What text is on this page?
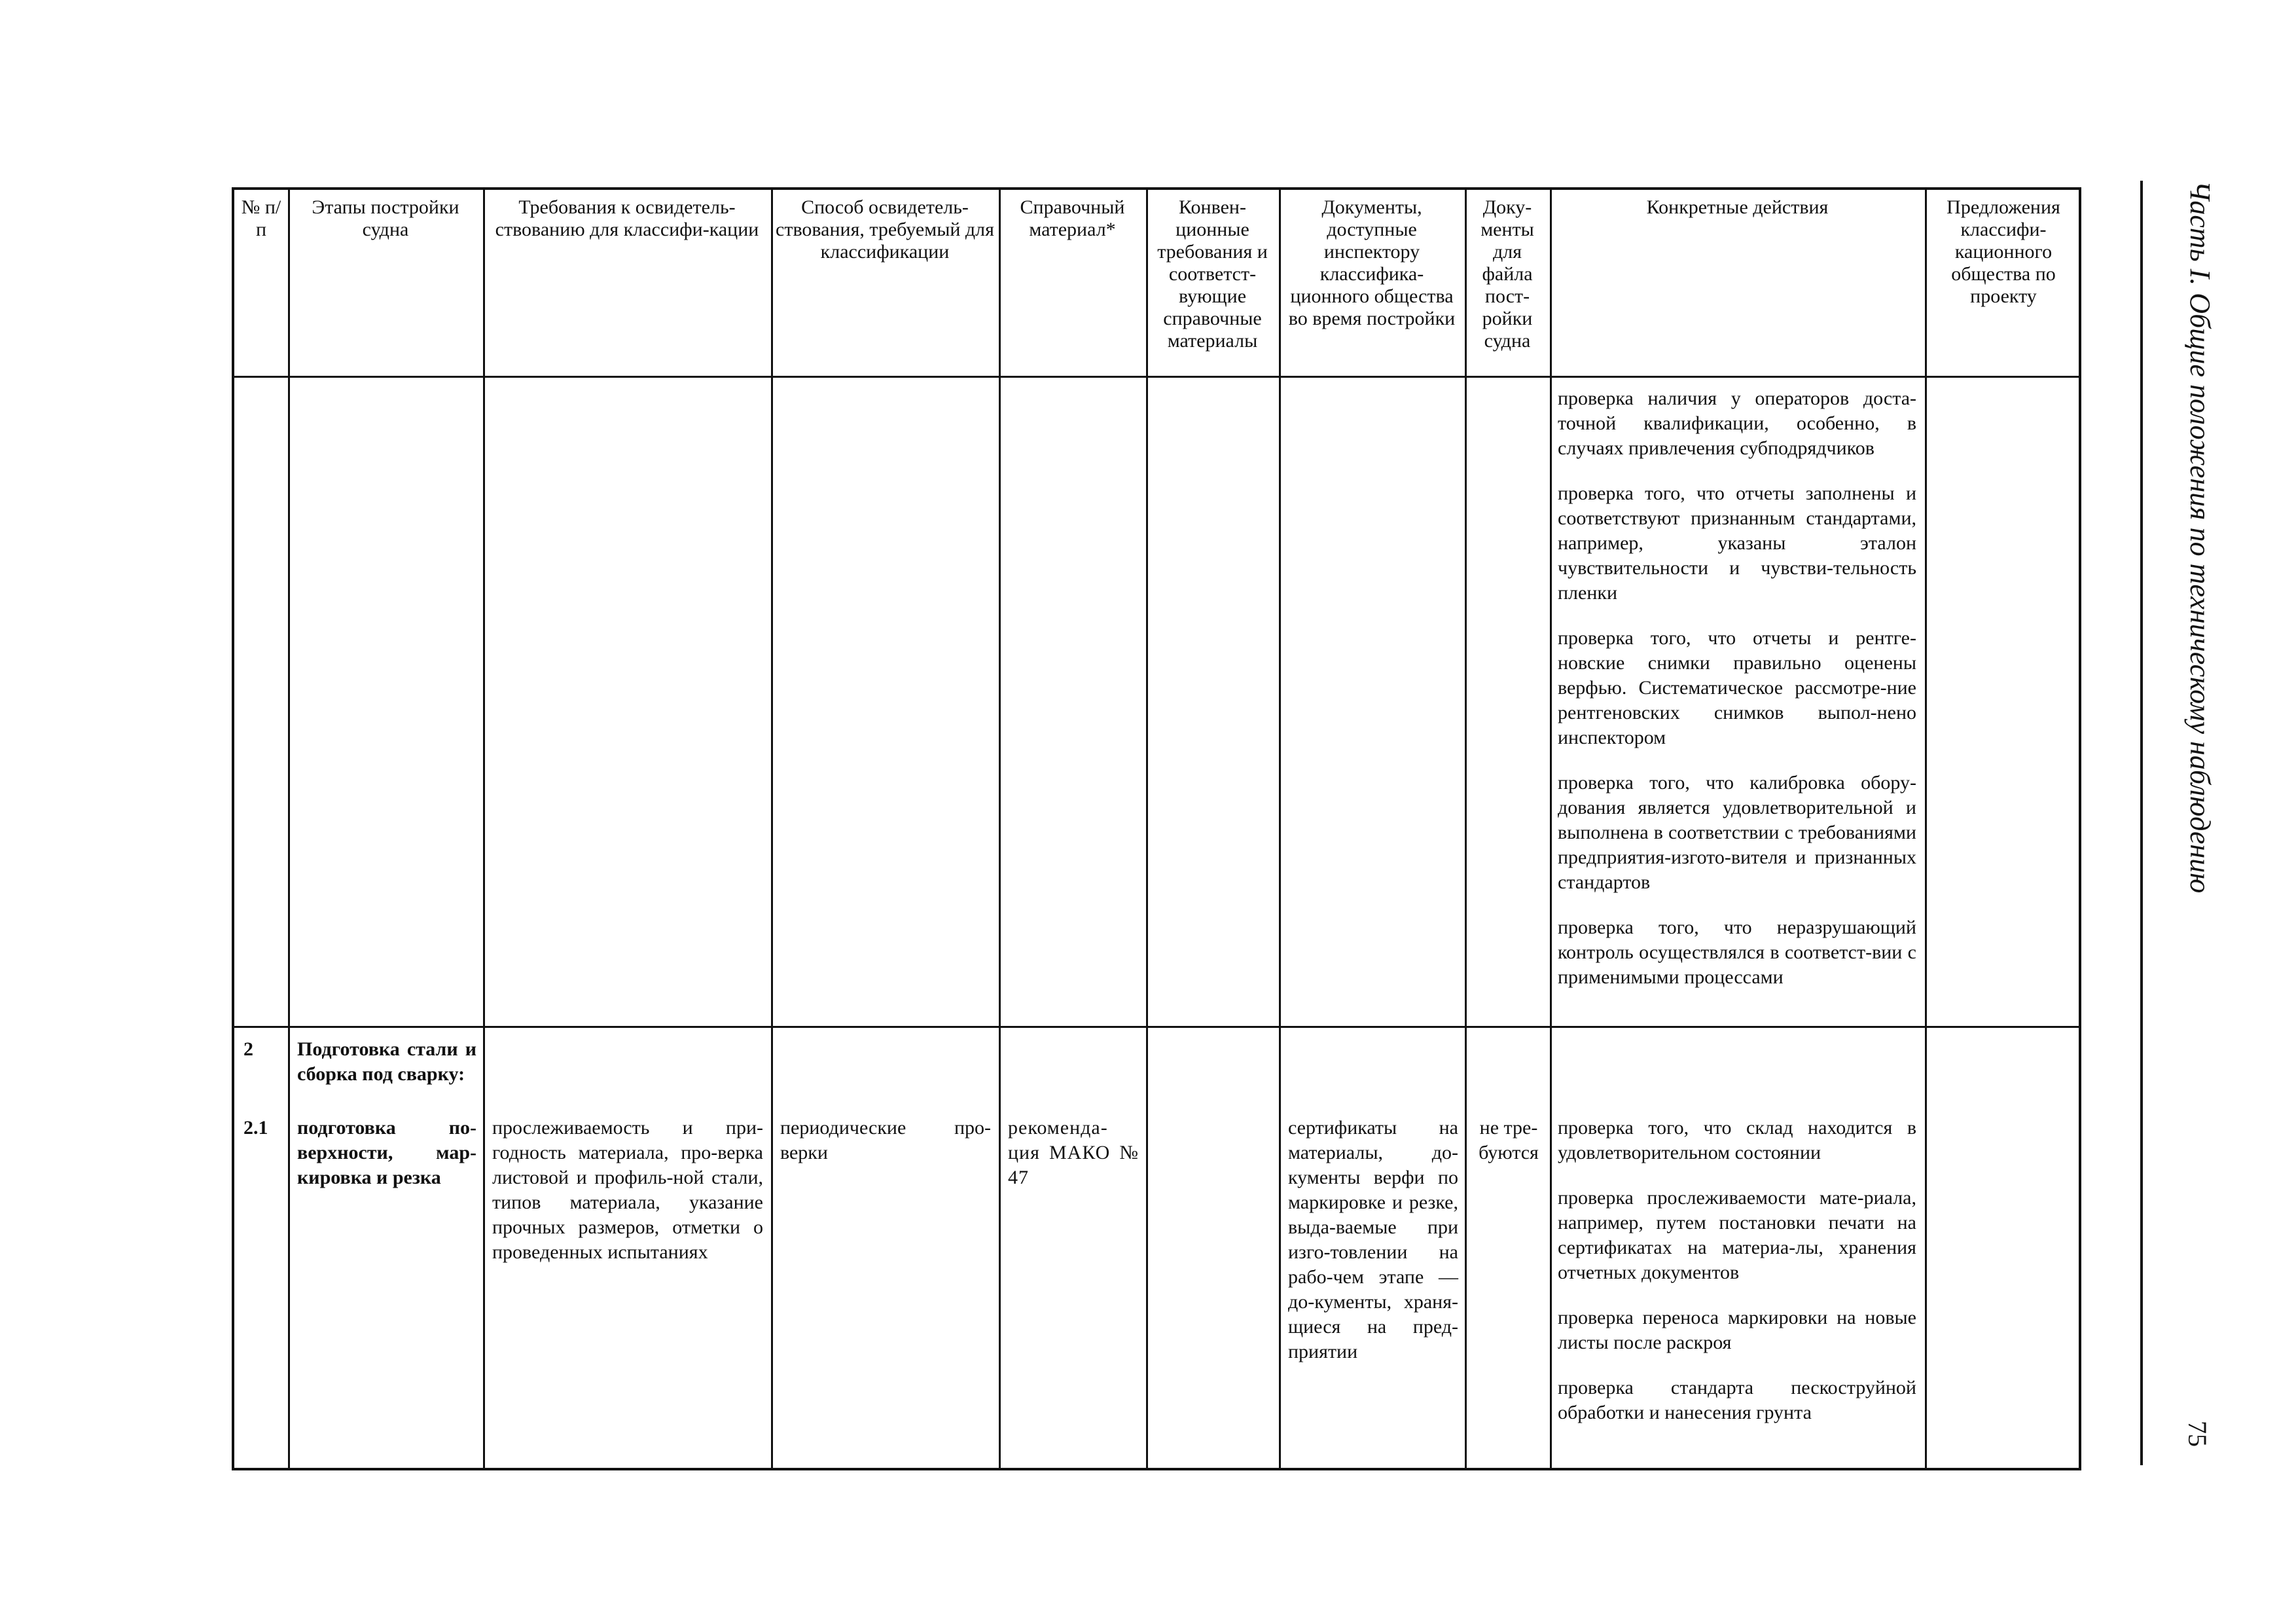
Часть I. Общие положения по техническому наблюдению
75
№ п/п
Этапы постройки судна
Требования к освидетель-ствованию для классифи-кации
Способ освидетель-ствования, требуемый для классификации
Справочный материал*
Конвен-ционные требования и соответст-вующие справочные материалы
Документы, доступные инспектору классифика-ционного общества во время постройки
Доку-менты для файла пост-ройки судна
Конкретные действия	Предложения классифи-кационного общества по проекту

проверка наличия у операторов доста-точной квалификации, особенно, в случаях привлечения субподрядчиков

проверка того, что отчеты заполнены и соответствуют признанным стандартами, например, указаны эталон чувствительности и чувстви-тельность пленки

проверка того, что отчеты и рентге-новские снимки правильно оценены верфью. Систематическое рассмотре-ние рентгеновских снимков выпол-нено инспектором

проверка того, что калибровка обору-дования является удовлетворительной и выполнена в соответствии с требованиями предприятия-изгото-вителя и признанных стандартов

проверка того, что неразрушающий контроль осуществлялся в соответст-вии с применимыми процессами

2
2.1
Подготовка стали и сборка под сварку:
подготовка по-верхности, мар-кировка и резка
прослеживаемость и при-годность материала, про-верка листовой и профиль-ной стали, типов материала, указание прочных размеров, отметки о проведенных испытаниях
периодические про-верки
рекоменда-ция МАКО № 47
сертификаты на материалы, до-кументы верфи по маркировке и резке, выда-ваемые при изго-товлении на рабо-чем этапе — до-кументы, храня-щиеся на пред-приятии
не тре-буются

проверка того, что склад находится в удовлетворительном состоянии

проверка прослеживаемости мате-риала, например, путем постановки печати на сертификатах на материа-лы, хранения отчетных документов

проверка переноса маркировки на новые листы после раскроя

проверка стандарта пескоструйной обработки и нанесения грунта
